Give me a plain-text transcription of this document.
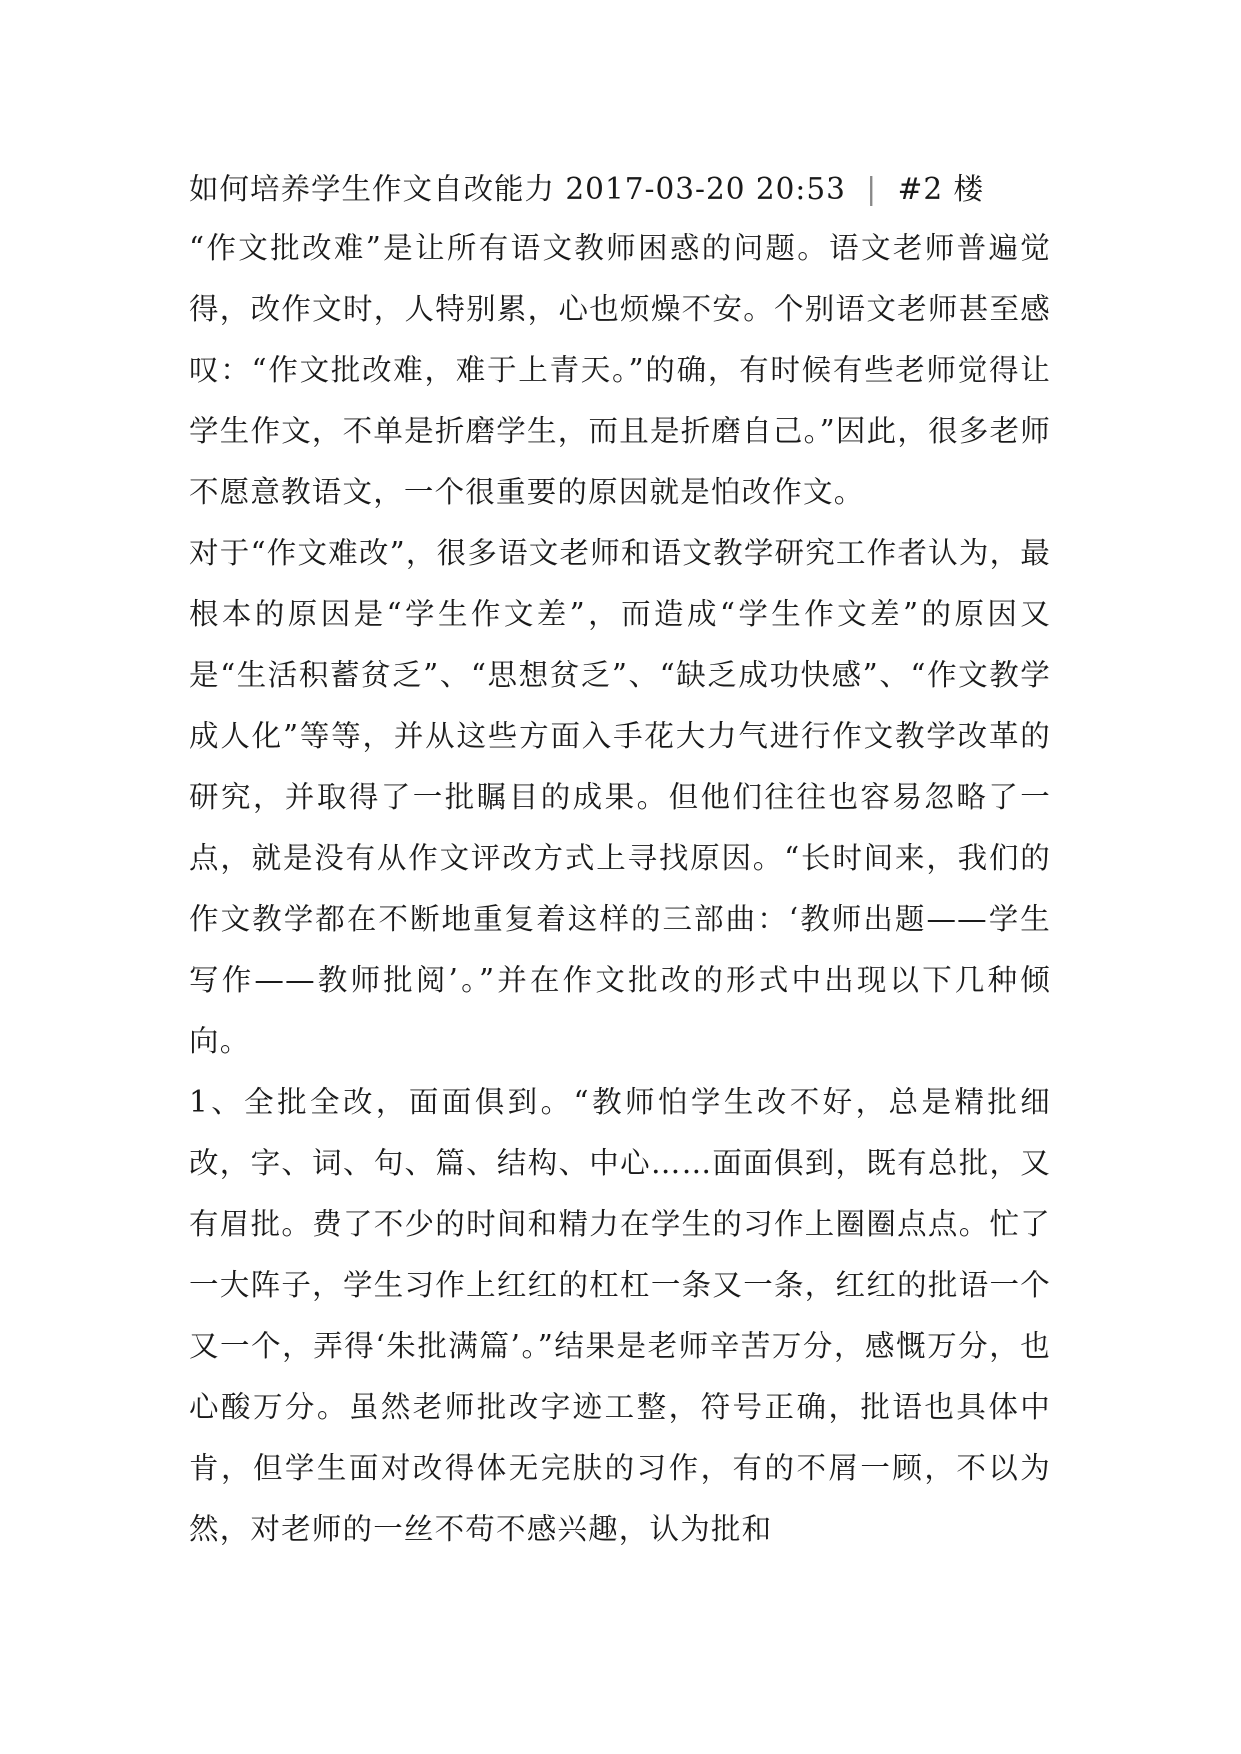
如何培养学生作文自改能力 2017-03-20 20:53 | #2 楼

“作文批改难”是让所有语文教师困惑的问题。语文老师普遍觉得，改作文时，人特别累，心也烦燥不安。个别语文老师甚至感叹：“作文批改难，难于上青天。”的确，有时候有些老师觉得让学生作文，不单是折磨学生，而且是折磨自己。”因此，很多老师不愿意教语文，一个很重要的原因就是怕改作文。

对于“作文难改”，很多语文老师和语文教学研究工作者认为，最根本的原因是“学生作文差”，而造成“学生作文差”的原因又是“生活积蓄贫乏”、“思想贫乏”、“缺乏成功快感”、“作文教学成人化”等等，并从这些方面入手花大力气进行作文教学改革的研究，并取得了一批瞩目的成果。但他们往往也容易忽略了一点，就是没有从作文评改方式上寻找原因。“长时间来，我们的作文教学都在不断地重复着这样的三部曲：‘教师出题——学生写作——教师批阅’。”并在作文批改的形式中出现以下几种倾向。

1、全批全改，面面俱到。“教师怕学生改不好，总是精批细改，字、词、句、篇、结构、中心……面面俱到，既有总批，又有眉批。费了不少的时间和精力在学生的习作上圈圈点点。忙了一大阵子，学生习作上红红的杠杠一条又一条，红红的批语一个又一个，弄得‘朱批满篇’。”结果是老师辛苦万分，感慨万分，也心酸万分。虽然老师批改字迹工整，符号正确，批语也具体中肯，但学生面对改得体无完肤的习作，有的不屑一顾，不以为然，对老师的一丝不苟不感兴趣，认为批和
